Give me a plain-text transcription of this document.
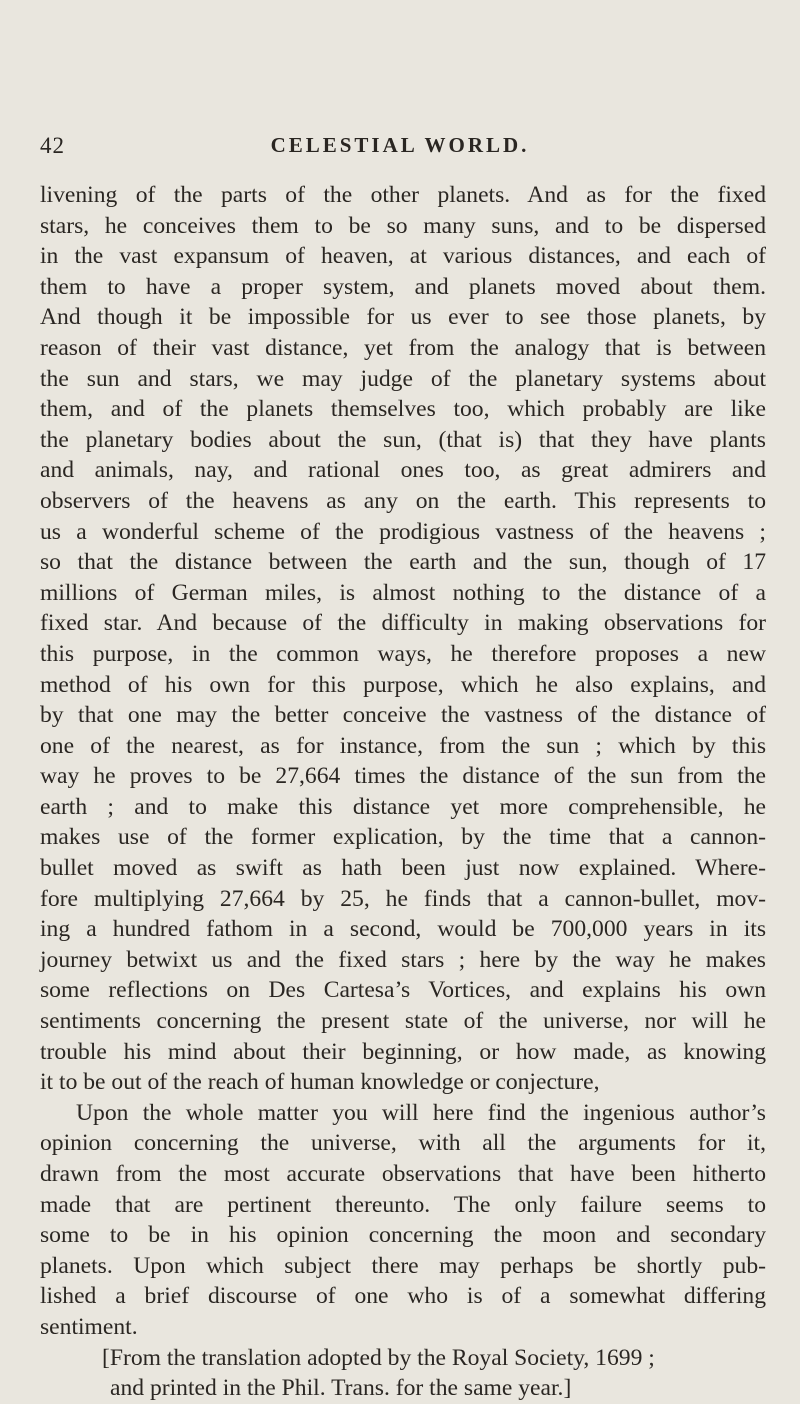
42	CELESTIAL WORLD.
livening of the parts of the other planets. And as for the fixed
stars, he conceives them to be so many suns, and to be dispersed
in the vast expansum of heaven, at various distances, and each of
them to have a proper system, and planets moved about them.
And though it be impossible for us ever to see those planets, by
reason of their vast distance, yet from the analogy that is between
the sun and stars, we may judge of the planetary systems about
them, and of the planets themselves too, which probably are like
the planetary bodies about the sun, (that is) that they have plants
and animals, nay, and rational ones too, as great admirers and
observers of the heavens as any on the earth. This represents to
us a wonderful scheme of the prodigious vastness of the heavens ;
so that the distance between the earth and the sun, though of 17
millions of German miles, is almost nothing to the distance of a
fixed star. And because of the difficulty in making observations for
this purpose, in the common ways, he therefore proposes a new
method of his own for this purpose, which he also explains, and
by that one may the better conceive the vastness of the distance of
one of the nearest, as for instance, from the sun ; which by this
way he proves to be 27,664 times the distance of the sun from the
earth ; and to make this distance yet more comprehensible, he
makes use of the former explication, by the time that a cannon-
bullet moved as swift as hath been just now explained. Where-
fore multiplying 27,664 by 25, he finds that a cannon-bullet, mov-
ing a hundred fathom in a second, would be 700,000 years in its
journey betwixt us and the fixed stars ; here by the way he makes
some reflections on Des Cartesa’s Vortices, and explains his own
sentiments concerning the present state of the universe, nor will he
trouble his mind about their beginning, or how made, as knowing
it to be out of the reach of human knowledge or conjecture,
Upon the whole matter you will here find the ingenious author’s
opinion concerning the universe, with all the arguments for it,
drawn from the most accurate observations that have been hitherto
made that are pertinent thereunto. The only failure seems to
some to be in his opinion concerning the moon and secondary
planets. Upon which subject there may perhaps be shortly pub-
lished a brief discourse of one who is of a somewhat differing
sentiment.
[From the translation adopted by the Royal Society, 1699 ;
and printed in the Phil. Trans. for the same year.]
